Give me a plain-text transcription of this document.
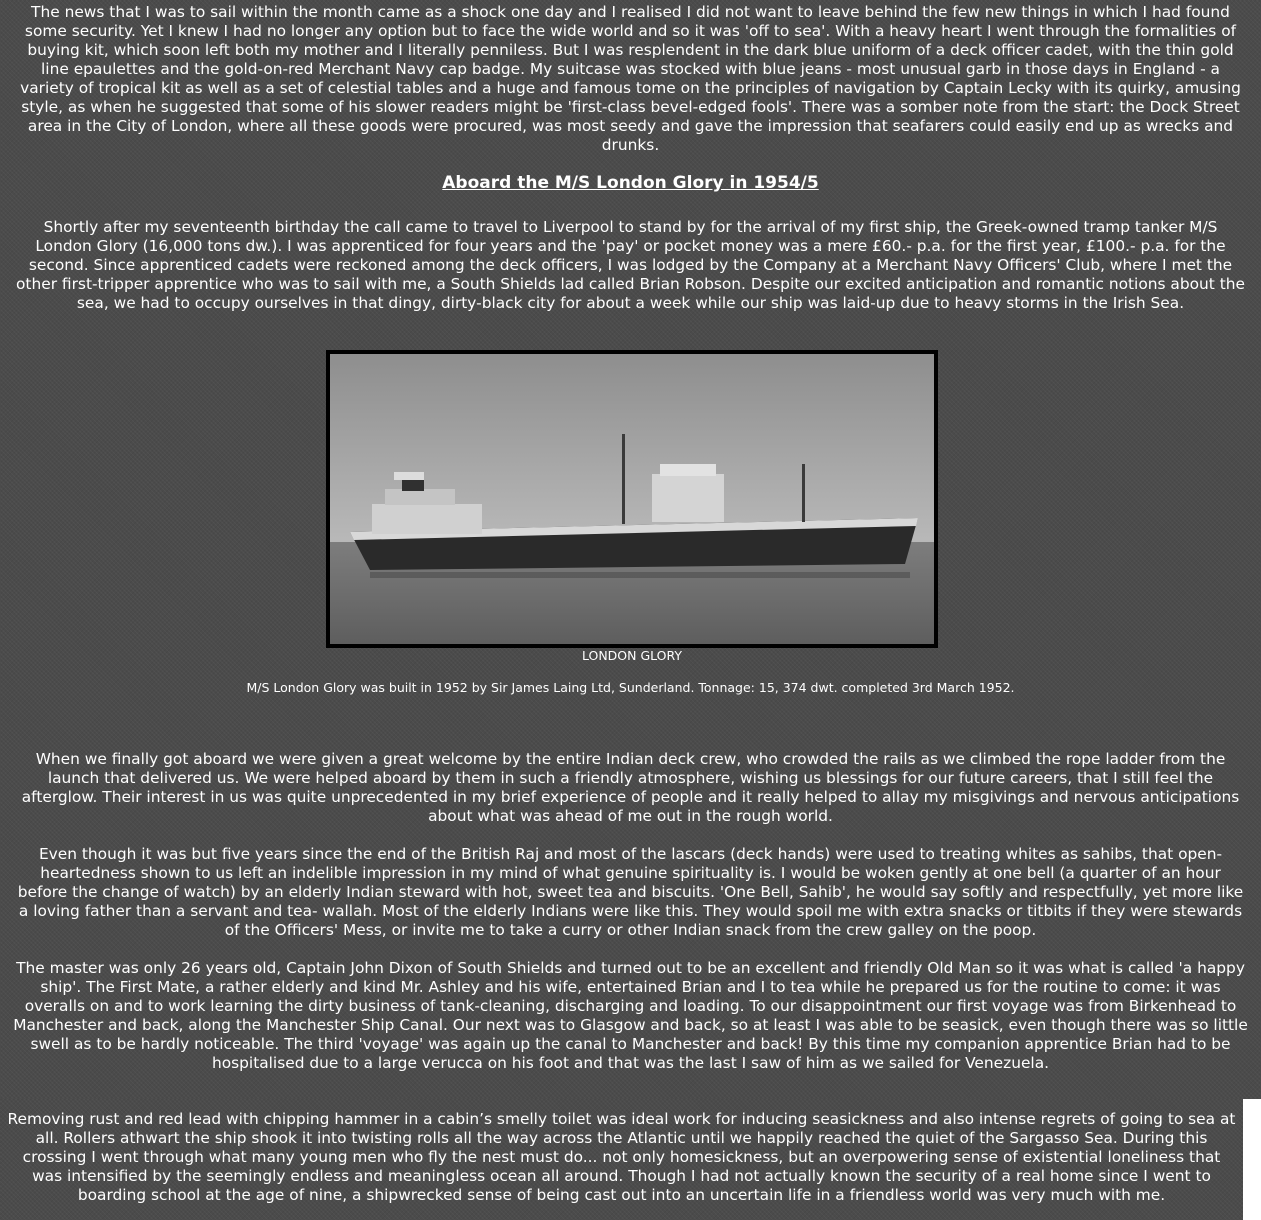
The news that I was to sail within the month came as a shock one day and I realised I did not want to leave behind the few new things in which I had found some security. Yet I knew I had no longer any option but to face the wide world and so it was 'off to sea'. With a heavy heart I went through the formalities of buying kit, which soon left both my mother and I literally penniless. But I was resplendent in the dark blue uniform of a deck officer cadet, with the thin gold line epaulettes and the gold-on-red Merchant Navy cap badge. My suitcase was stocked with blue jeans - most unusual garb in those days in England - a variety of tropical kit as well as a set of celestial tables and a huge and famous tome on the principles of navigation by Captain Lecky with its quirky, amusing style, as when he suggested that some of his slower readers might be 'first-class bevel-edged fools'. There was a somber note from the start: the Dock Street area in the City of London, where all these goods were procured, was most seedy and gave the impression that seafarers could easily end up as wrecks and drunks.

Aboard the M/S London Glory in 1954/5

Shortly after my seventeenth birthday the call came to travel to Liverpool to stand by for the arrival of my first ship, the Greek-owned tramp tanker M/S London Glory (16,000 tons dw.). I was apprenticed for four years and the 'pay' or pocket money was a mere £60.- p.a. for the first year, £100.- p.a. for the second. Since apprenticed cadets were reckoned among the deck officers, I was lodged by the Company at a Merchant Navy Officers' Club, where I met the other first-tripper apprentice who was to sail with me, a South Shields lad called Brian Robson. Despite our excited anticipation and romantic notions about the sea, we had to occupy ourselves in that dingy, dirty-black city for about a week while our ship was laid-up due to heavy storms in the Irish Sea.

LONDON GLORY

M/S London Glory was built in 1952 by Sir James Laing Ltd, Sunderland. Tonnage: 15, 374 dwt. completed 3rd March 1952.

When we finally got aboard we were given a great welcome by the entire Indian deck crew, who crowded the rails as we climbed the rope ladder from the launch that delivered us. We were helped aboard by them in such a friendly atmosphere, wishing us blessings for our future careers, that I still feel the afterglow. Their interest in us was quite unprecedented in my brief experience of people and it really helped to allay my misgivings and nervous anticipations about what was ahead of me out in the rough world.

Even though it was but five years since the end of the British Raj and most of the lascars (deck hands) were used to treating whites as sahibs, that open-heartedness shown to us left an indelible impression in my mind of what genuine spirituality is. I would be woken gently at one bell (a quarter of an hour before the change of watch) by an elderly Indian steward with hot, sweet tea and biscuits. 'One Bell, Sahib', he would say softly and respectfully, yet more like a loving father than a servant and tea- wallah. Most of the elderly Indians were like this. They would spoil me with extra snacks or titbits if they were stewards of the Officers' Mess, or invite me to take a curry or other Indian snack from the crew galley on the poop.

The master was only 26 years old, Captain John Dixon of South Shields and turned out to be an excellent and friendly Old Man so it was what is called 'a happy ship'. The First Mate, a rather elderly and kind Mr. Ashley and his wife, entertained Brian and I to tea while he prepared us for the routine to come: it was overalls on and to work learning the dirty business of tank-cleaning, discharging and loading. To our disappointment our first voyage was from Birkenhead to Manchester and back, along the Manchester Ship Canal. Our next was to Glasgow and back, so at least I was able to be seasick, even though there was so little swell as to be hardly noticeable. The third 'voyage' was again up the canal to Manchester and back! By this time my companion apprentice Brian had to be hospitalised due to a large verucca on his foot and that was the last I saw of him as we sailed for Venezuela.

Removing rust and red lead with chipping hammer in a cabin’s smelly toilet was ideal work for inducing seasickness and also intense regrets of going to sea at all. Rollers athwart the ship shook it into twisting rolls all the way across the Atlantic until we happily reached the quiet of the Sargasso Sea. During this crossing I went through what many young men who fly the nest must do... not only homesickness, but an overpowering sense of existential loneliness that was intensified by the seemingly endless and meaningless ocean all around. Though I had not actually known the security of a real home since I went to boarding school at the age of nine, a shipwrecked sense of being cast out into an uncertain life in a friendless world was very much with me.
